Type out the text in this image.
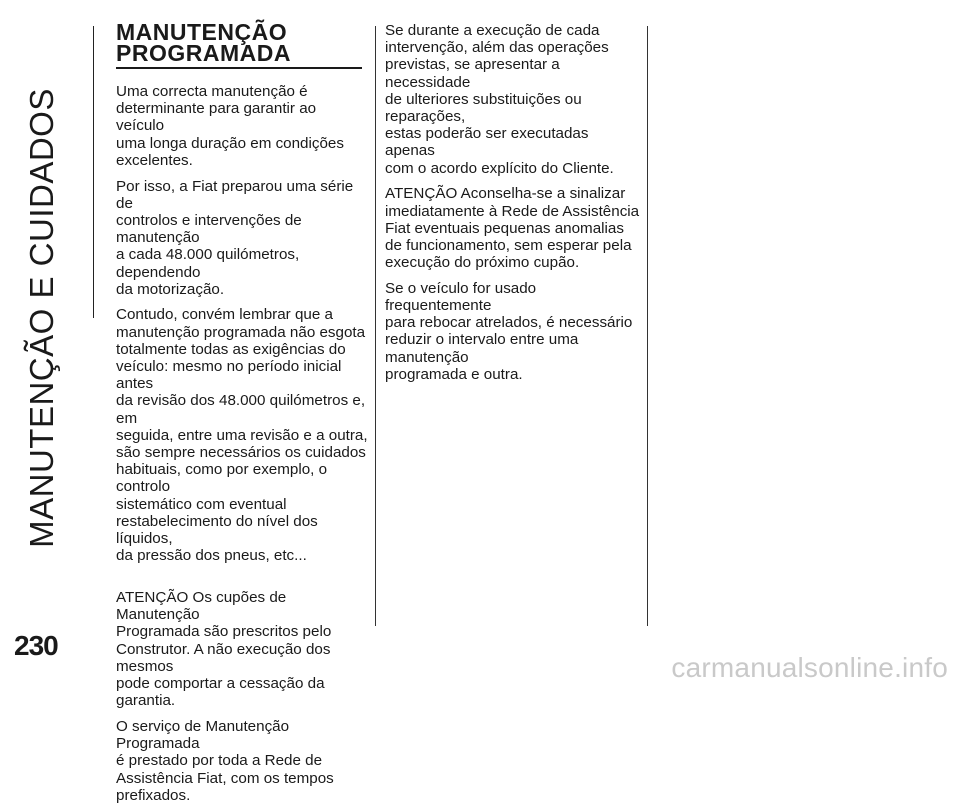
MANUTENÇÃO E CUIDADOS
MANUTENÇÃO
PROGRAMADA

Uma correcta manutenção é
determinante para garantir ao veículo
uma longa duração em condições
excelentes.

Por isso, a Fiat preparou uma série de
controlos e intervenções de manutenção
a cada 48.000 quilómetros, dependendo
da motorização.

Contudo, convém lembrar que a
manutenção programada não esgota
totalmente todas as exigências do
veículo: mesmo no período inicial antes
da revisão dos 48.000 quilómetros e, em
seguida, entre uma revisão e a outra,
são sempre necessários os cuidados
habituais, como por exemplo, o controlo
sistemático com eventual
restabelecimento do nível dos líquidos,
da pressão dos pneus, etc...

ATENÇÃO Os cupões de Manutenção
Programada são prescritos pelo
Construtor. A não execução dos mesmos
pode comportar a cessação da garantia.

O serviço de Manutenção Programada
é prestado por toda a Rede de
Assistência Fiat, com os tempos
prefixados.

Se durante a execução de cada
intervenção, além das operações
previstas, se apresentar a necessidade
de ulteriores substituições ou reparações,
estas poderão ser executadas apenas
com o acordo explícito do Cliente.

ATENÇÃO Aconselha-se a sinalizar
imediatamente à Rede de Assistência
Fiat eventuais pequenas anomalias
de funcionamento, sem esperar pela
execução do próximo cupão.

Se o veículo for usado frequentemente
para rebocar atrelados, é necessário
reduzir o intervalo entre uma manutenção
programada e outra.

230
carmanualsonline.info
